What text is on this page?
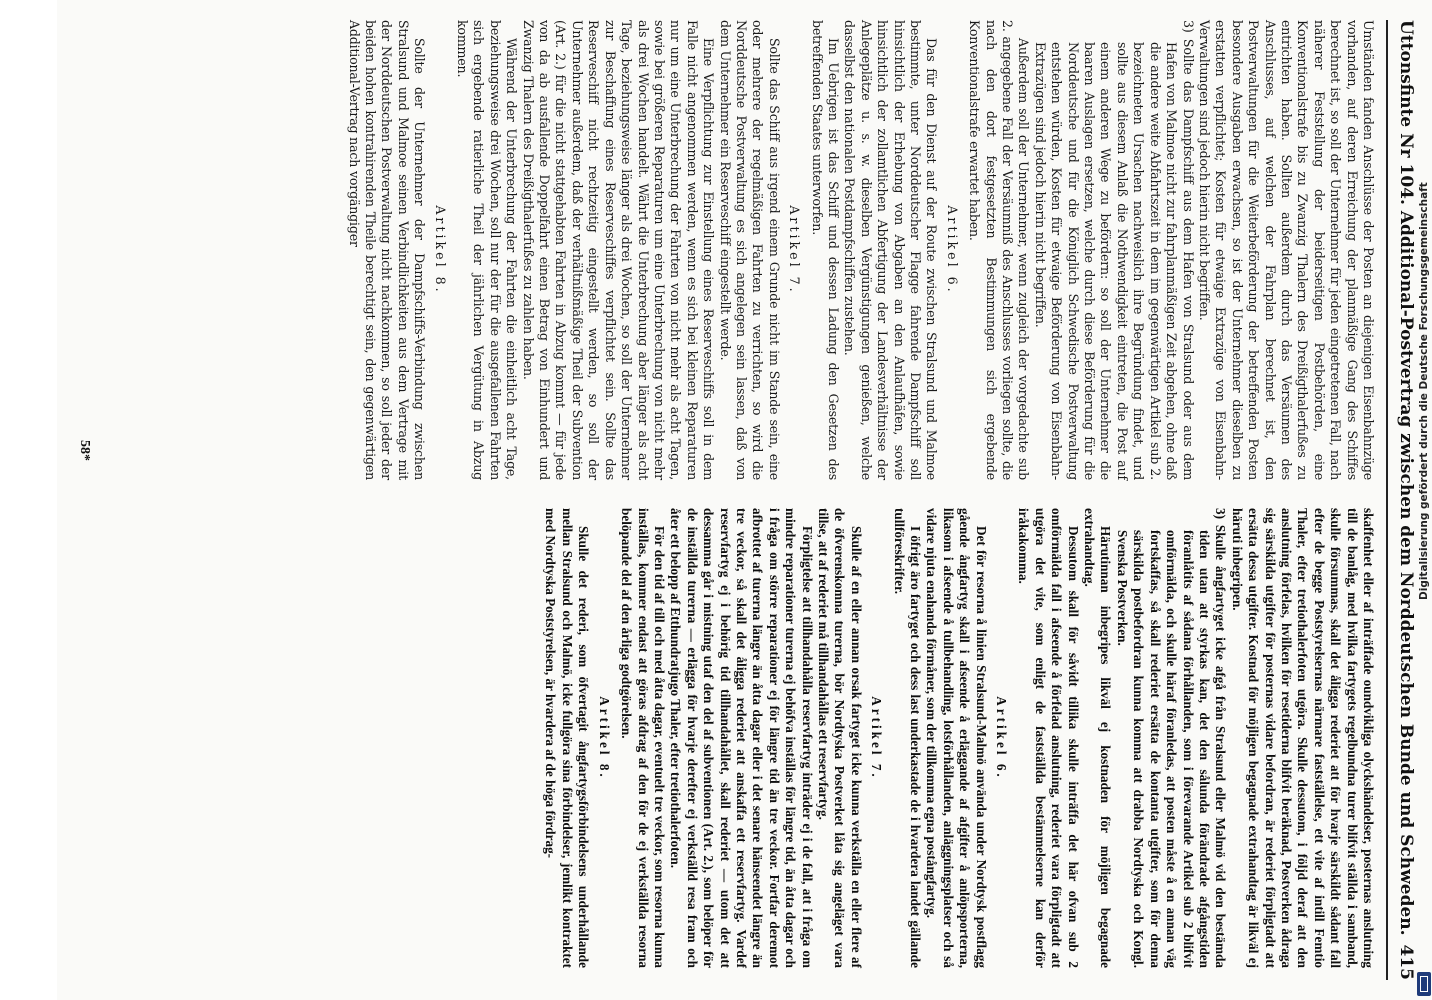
Uttonsfinte Nr 104. Additional-Postvertrag zwischen dem Norddeutschen Bunde und Schweden.
415

Umständen fanden Anschlüsse der Posten an diejenigen Eisenbahnzüge vorhanden, auf deren Erreichung der planmäßige Gang des Schiffes berechnet ist, so soll der Unternehmer für jeden eingetretenen Fall, nach näherer Feststellung der beiderseitigen Postbehörden, eine Konventionalstrafe bis zu Zwanzig Thalern des Dreißigthalerfußes zu entrichten haben. Sollten außerdem durch das Versäumen des Anschlusses, auf welchen der Fahrplan berechnet ist, den Postverwaltungen für die Weiterbeförderung der betreffenden Posten besondere Ausgaben erwachsen, so ist der Unternehmer dieselben zu erstatten verpflichtet; Kosten für etwaige Extrazüge von Eisenbahn-Verwaltungen sind jedoch hierin nicht begriffen.

3) Sollte das Dampfschiff aus dem Hafen von Stralsund oder aus dem Hafen von Malmoe nicht zur fahrplanmäßigen Zeit abgehen, ohne daß die andere weite Abfahrtszeit in dem im gegenwärtigen Artikel sub 2. bezeichneten Ursachen nachweislich ihre Begründung findet, und sollte aus diesem Anlaß die Nothwendigkeit eintreten, die Post auf einem anderen Wege zu befördern: so soll der Unternehmer die baaren Auslagen ersetzen, welche durch diese Beförderung für die Norddeutsche und für die Königlich Schwedische Postverwaltung entstehen würden, Kosten für etwaige Beförderung von Eisenbahn-Extrazügen sind jedoch hierin nicht begriffen.

Außerdem soll der Unternehmer, wenn zugleich der vorgedachte sub 2. angegebene Fall der Versäumniß des Anschlusses vorliegen sollte, die nach den dort festgesetzten Bestimmungen sich ergebende Konventionalstrafe erwartet haben.

Artikel 6.

Das für den Dienst auf der Route zwischen Stralsund und Malmoe bestimmte, unter Norddeutscher Flagge fahrende Dampfschiff soll hinsichtlich der Erhebung von Abgaben an den Anlaufhäfen, sowie hinsichtlich der zollamtlichen Abfertigung der Landesverhältnisse der Anlegeplätze u. s. w. dieselben Vergünstigungen genießen, welche dasselbst den nationalen Postdampfschiffen zustehen.

Im Uebrigen ist das Schiff und dessen Ladung den Gesetzen des betreffenden Staates unterworfen.

Artikel 7.

Sollte das Schiff aus irgend einem Grunde nicht im Stande sein, eine oder mehrere der regelmäßigen Fahrten zu verrichten, so wird die Norddeutsche Postverwaltung es sich angelegen sein lassen, daß von dem Unternehmer ein Reserveschiff eingestellt werde.

Eine Verpflichtung zur Einstellung eines Reserveschiffs soll in dem Falle nicht angenommen werden, wenn es sich bei kleinen Reparaturen nur um eine Unterbrechung der Fahrten von nicht mehr als acht Tagen, sowie bei größeren Reparaturen um eine Unterbrechung von nicht mehr als drei Wochen handelt. Währt die Unterbrechung aber länger als acht Tage, beziehungsweise länger als drei Wochen, so soll der Unternehmer zur Beschaffung eines Reserveschiffes verpflichtet sein. Sollte das Reserveschiff nicht rechtzeitig eingestellt werden, so soll der Unternehmer außerdem, daß der verhältnißmäßige Theil der Subvention (Art. 2.) für die nicht stattgehabten Fahrten in Abzug kommt — für jede von da ab ausfallende Doppelfahrt einen Betrag von Einhundert und Zwanzig Thalern des Dreißigthalerfußes zu zahlen haben.

Während der Unterbrechung der Fahrten die einheitlich acht Tage, beziehungsweise drei Wochen, soll nur der für die ausgefallenen Fahrten sich ergebende ratierliche Theil der jährlichen Vergütung in Abzug kommen.

Artikel 8.

Sollte der Unternehmer der Dampfschiffs-Verbindung zwischen Stralsund und Malmoe seinen Verbindlichkeiten aus dem Vertrage mit der Norddeutschen Postverwaltung nicht nachkommen, so soll jeder der beiden hohen kontrahirenden Theile berechtigt sein, den gegenwärtigen Additional-Vertrag nach vorgängiger

skaffenhet eller af inträffade oundvikliga olyckshändelser, posternas anslutning till de banlåg, med hvilka fartygets regelbundna turer blifvit ställda i samband, skulle försummas, skall det åligga rederiet att för hvarje särskildt sådant fall efter de begge Poststyrelsernas närmare fastställelse, ett vite af intill Femtio Thaler, efter tretiothalerfoten utgöra. Skulle dessutom, i följd deraf att den anslutning förfelas, hvilken för resetiderna blifvit beräknad, Postverken ådraga sig särskilda utgifter för posternas vidare befordran, är rederiet förpligtadt att ersätta dessa utgifter. Kostnad för möjligen begagnade extrahandtag är likväl ej häruti inbegripen.

3) Skulle ångfartyget icke afgå från Stralsund eller Malmö vid den bestämda tiden utan att styrkas kan, det den sålunda förändrade afgångstiden föranlåtits af sådana förhållanden, som i förevarande Artikel sub 2 blifvit omförmälda, och skulle häraf föranledas, att posten måste å en annan väg fortskaffas, så skall rederiet ersätta de kontanta utgifter, som för denna särskilda postbefordran kunna komma att drabba Nordtyska och Kongl. Svenska Postverken.

Härutinnan inbegripes likväl ej kostnaden för möjligen begagnade extrahandtag.

Dessutom skall för såvidt tillika skulle inträffa det här ofvan sub 2 omförmälda fall i afseende å förfelad anslutning, rederiet vara förpligtadt att utgöra det vite, som enligt de fastställda bestämmelserne kan derför iråkakomma.

Artikel 6.

Det för resorna å linien Stralsund-Malmö använda under Nordtysk postflagg gående ångfartyg skall i afseende å erläggande af afgifter å anlöpsporterna, likasom i afseende å tullbehandling, lotsförhållanden, anläggningsplatser och så vidare njuta enahanda förmåner, som der tillkomma egna postångfartyg.

I öfrigt äro fartyget och dess last underkastade de i hvardera landet gällande tullföreskrifter.

Artikel 7.

Skulle af en eller annan orsak fartyget icke kunna verkställa en eller flere af de öfverenskomna turerna, bör Nordtyska Postverket låta sig angeläget vara tillse, att af rederiet må tillhandahållas ett reservfartyg.

Förpligtelse att tillhandahålla reservfartyg inträder ej i de fall, att i fråga om mindre reparationer turerna ej behöfva inställas för längre tid, än åtta dagar och i fråga om större reparationer ej för längre tid än tre veckor. Fortfar deremot afbrottet af turerna längre än åtta dagar eller i det senare hänseendet längre än tre veckor, så skall det åligga rederiet att anskaffa ett reservfartyg. Vardef reservfartyg ej i behörig tid tillhandahållet, skall rederiet — utom det att dessamma går i mistning utaf den del af subventionen (Art. 2.), som belöper för de inställda turerna — erlägga för hvarje derefter ej verkställd resa fram och åter ett belopp af Etthundratjugo Thaler, efter tretiothalerfoten.

För den tid af till och med åtta dagar, eventuelt tre veckor, som resorna kunna inställas, kommer endast att göras afdrag af den för de ej verkställda resorna belöpande del af den årliga godtgörelsen.

Artikel 8.

Skulle det rederi, som öfvertagit ångfartygsförbindelsens underhållande mellan Stralsund och Malmö, icke fullgöra sina förbindelser, jemlikt kontraktet med Nordtyska Poststyrelsen, är hvardera af de höga fördrag-

58*	Digitalisierung gefördert durch die Deutsche Forschungsgemeinschaft
